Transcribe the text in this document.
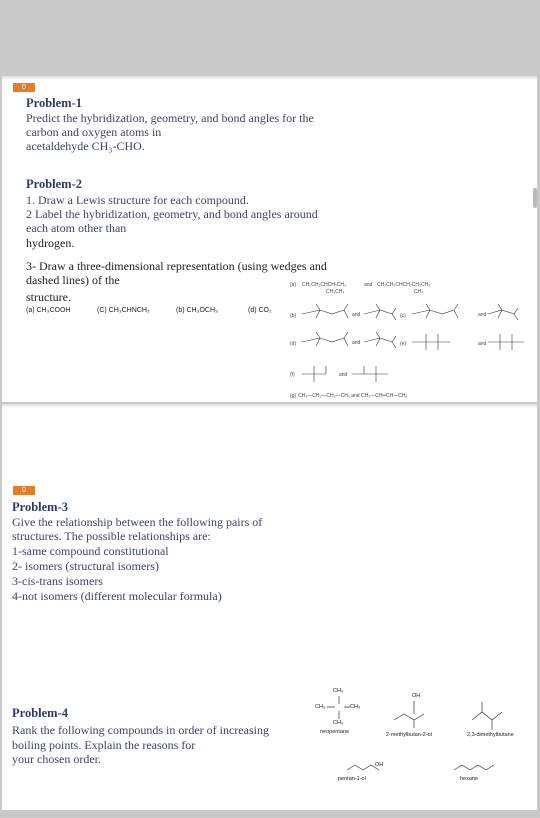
0
Problem-1
Predict the hybridization, geometry, and bond angles for the
carbon and oxygen atoms in
acetaldehyde CH₃-CHO.
Problem-2
1. Draw a Lewis structure for each compound.
2 Label the hybridization, geometry, and bond angles around
each atom other than
hydrogen.
3- Draw a three-dimensional representation (using wedges and
dashed lines) of the
structure.
(a) CH₃COOH	(C) CH₃CHNCH₃	(b) CH₃OCH₃	(d) CO₂
(a) CH₃CH₂CHCH₂CH₃
CH₂CH₃
and CH₃CH₂CHCH₂CH₂CH₃
CH₃
(b)	and	(c)	and
(d)	and	(e)	and
(f)	and
(g) CH₃—CH₂—CH₂—CH₃ and CH₃—CH═CH—CH₃
0
Problem-3
Give the relationship between the following pairs of
structures. The possible relationships are:
1-same compound constitutional
2- isomers (structural isomers)
3-cis-trans isomers
4-not isomers (different molecular formula)
Problem-4
Rank the following compounds in order of increasing
boiling points. Explain the reasons for
your chosen order.
CH₃
CH₃	CH₃
CH₃
neopentane
OH
2-methylbutan-2-ol	2,3-dimethylbutane
OH
pentan-1-ol	hexane
